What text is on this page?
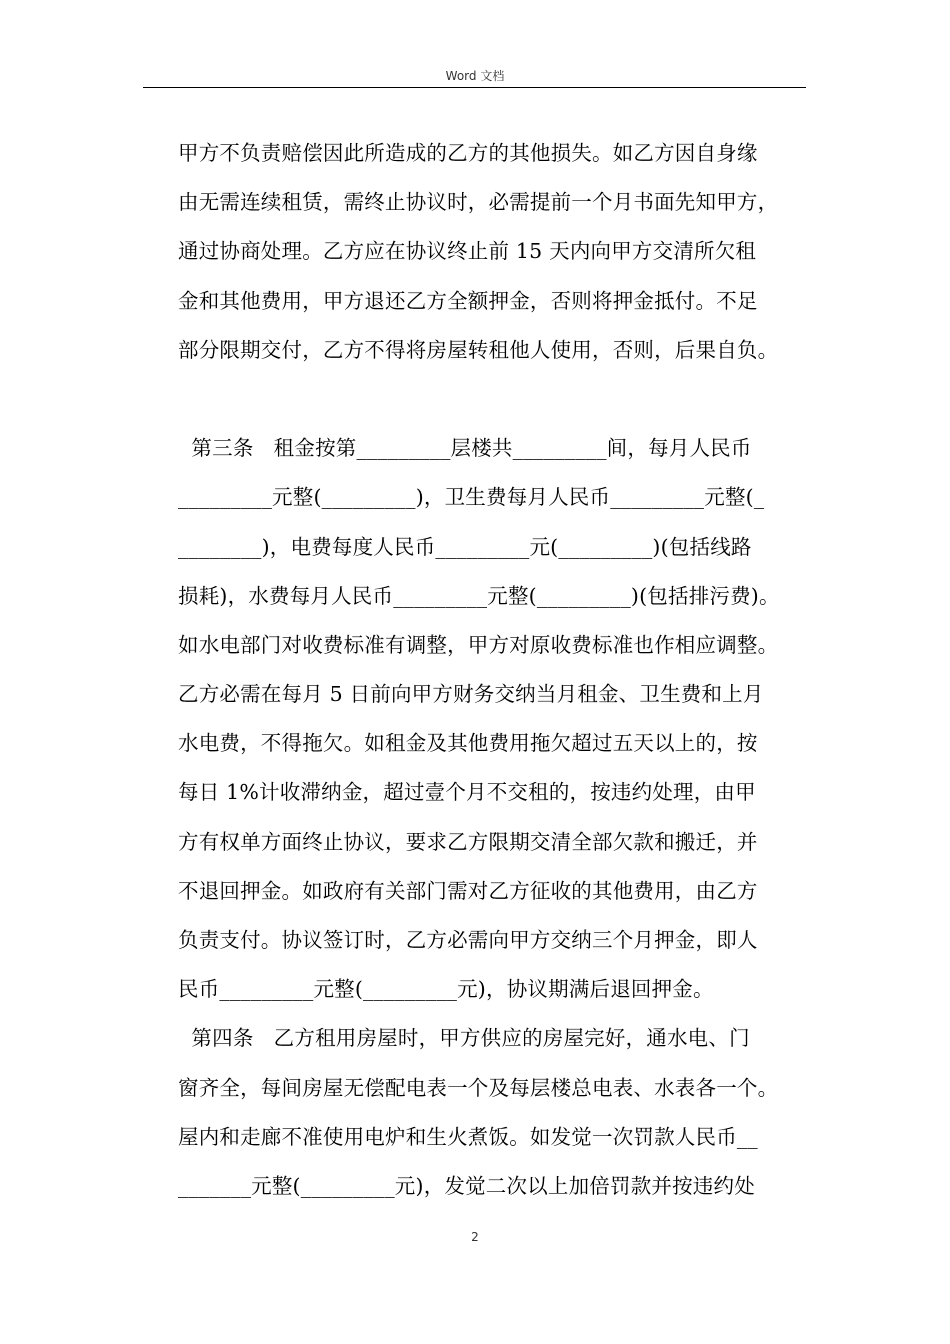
Word 文档
甲方不负责赔偿因此所造成的乙方的其他损失。如乙方因自身缘
由无需连续租赁，需终止协议时，必需提前一个月书面先知甲方，
通过协商处理。乙方应在协议终止前 15 天内向甲方交清所欠租
金和其他费用，甲方退还乙方全额押金，否则将押金抵付。不足
部分限期交付，乙方不得将房屋转租他人使用，否则，后果自负。
第三条   租金按第_________层楼共_________间，每月人民币
_________元整(_________)，卫生费每月人民币_________元整(_
________)，电费每度人民币_________元(_________)(包括线路
损耗)，水费每月人民币_________元整(_________)(包括排污费)。
如水电部门对收费标准有调整，甲方对原收费标准也作相应调整。
乙方必需在每月 5 日前向甲方财务交纳当月租金、卫生费和上月
水电费，不得拖欠。如租金及其他费用拖欠超过五天以上的，按
每日 1%计收滞纳金，超过壹个月不交租的，按违约处理，由甲
方有权单方面终止协议，要求乙方限期交清全部欠款和搬迁，并
不退回押金。如政府有关部门需对乙方征收的其他费用，由乙方
负责支付。协议签订时，乙方必需向甲方交纳三个月押金，即人
民币_________元整(_________元)，协议期满后退回押金。
第四条   乙方租用房屋时，甲方供应的房屋完好，通水电、门
窗齐全，每间房屋无偿配电表一个及每层楼总电表、水表各一个。
屋内和走廊不准使用电炉和生火煮饭。如发觉一次罚款人民币__
_______元整(_________元)，发觉二次以上加倍罚款并按违约处
2
